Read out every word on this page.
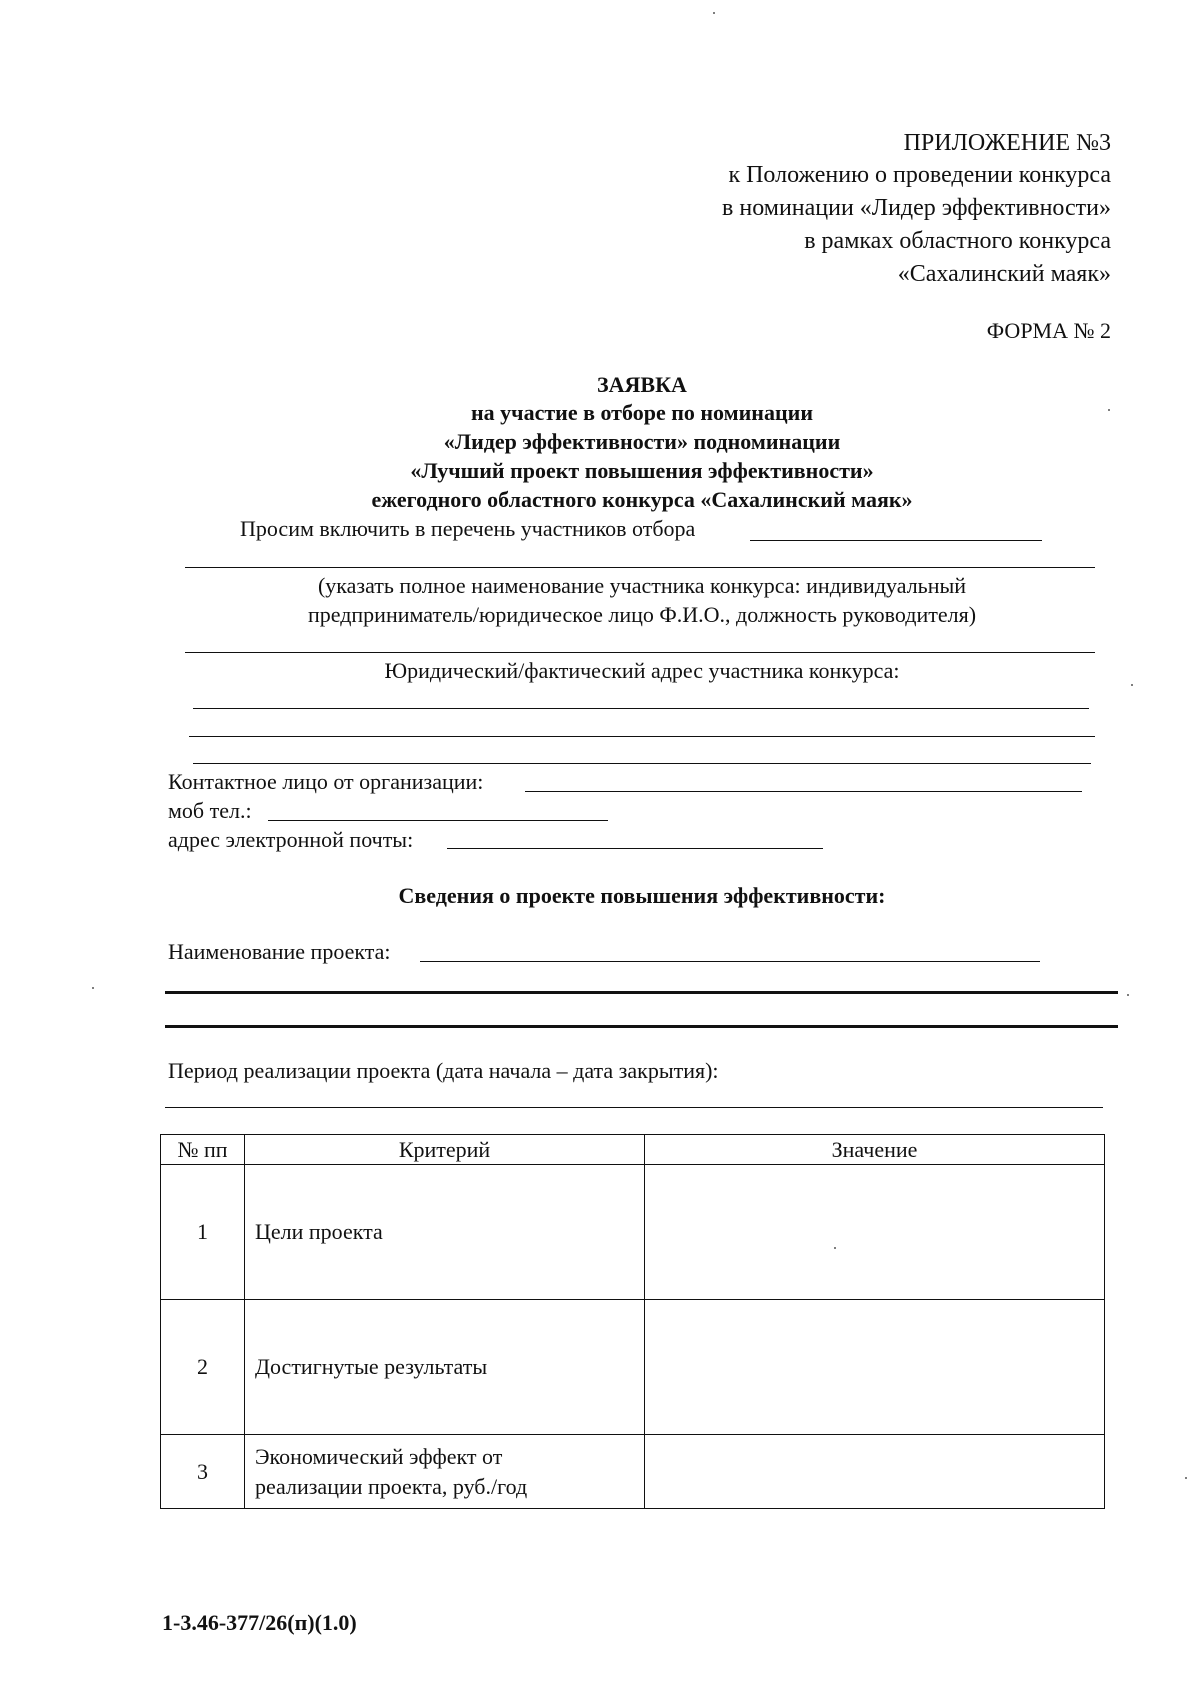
ПРИЛОЖЕНИЕ №3
к Положению о проведении конкурса
в номинации «Лидер эффективности»
в рамках областного конкурса
«Сахалинский маяк»
ФОРМА № 2
ЗАЯВКА
на участие в отборе по номинации
«Лидер эффективности» подноминации
«Лучший проект повышения эффективности»
ежегодного областного конкурса «Сахалинский маяк»
Просим включить в перечень участников отбора
(указать полное наименование участника конкурса: индивидуальный
предприниматель/юридическое лицо Ф.И.О., должность руководителя)
Юридический/фактический адрес участника конкурса:
Контактное лицо от организации:
моб тел.:
адрес электронной почты:
Сведения о проекте повышения эффективности:
Наименование проекта:
Период реализации проекта (дата начала – дата закрытия):
№ пп	Критерий	Значение
1	Цели проекта	
2	Достигнутые результаты	
3	Экономический эффект от
реализации проекта, руб./год	

1-3.46-377/26(п)(1.0)
